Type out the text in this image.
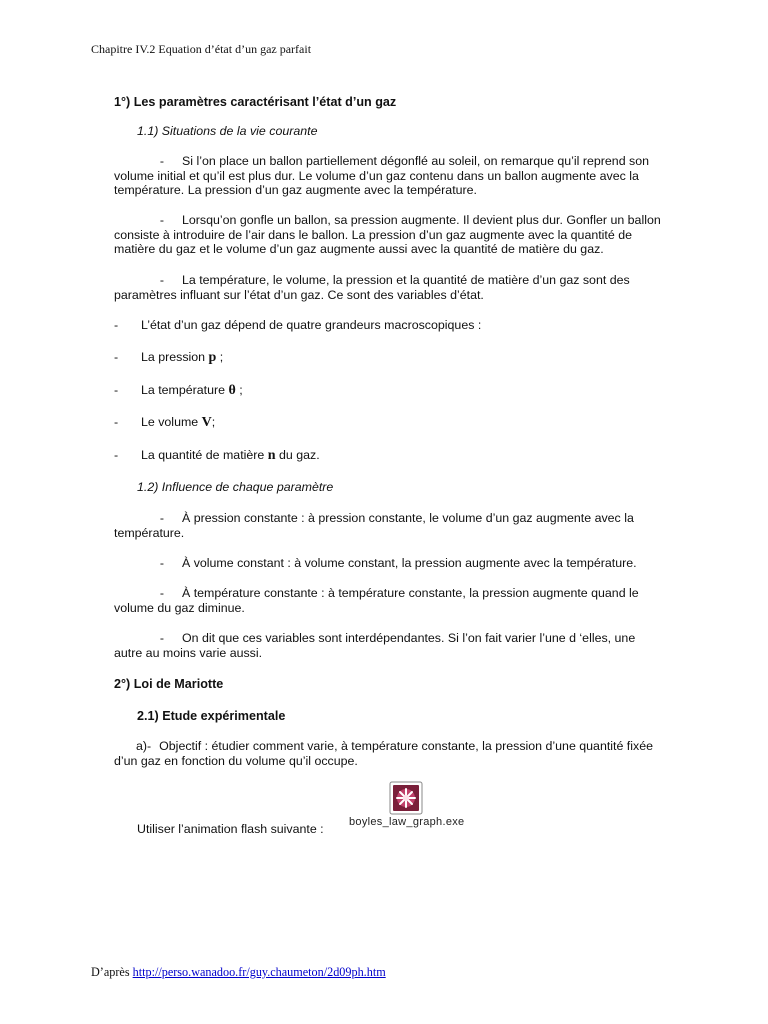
Chapitre IV.2 Equation d’état d’un gaz parfait
1°) Les paramètres caractérisant l’état d’un gaz
1.1) Situations de la vie courante
- Si l’on place un ballon partiellement dégonflé au soleil, on remarque qu’il reprend son volume initial et qu’il est plus dur. Le volume d’un gaz contenu dans un ballon augmente avec la température. La pression d’un gaz augmente avec la température.
- Lorsqu’on gonfle un ballon, sa pression augmente. Il devient plus dur. Gonfler un ballon consiste à introduire de l’air dans le ballon. La pression d’un gaz augmente avec la quantité de matière du gaz et le volume d’un gaz augmente aussi avec la quantité de matière du gaz.
- La température, le volume, la pression et la quantité de matière d’un gaz sont des paramètres influant sur l’état d’un gaz. Ce sont des variables d’état.
- L’état d’un gaz dépend de quatre grandeurs macroscopiques :
- La pression p ;
- La température θ ;
- Le volume V;
- La quantité de matière n du gaz.
1.2) Influence de chaque paramètre
- À pression constante : à pression constante, le volume d’un gaz augmente avec la température.
- À volume constant : à volume constant, la pression augmente avec la température.
- À température constante : à température constante, la pression augmente quand le volume du gaz diminue.
- On dit que ces variables sont interdépendantes. Si l’on fait varier l’une d ‘elles, une autre au moins varie aussi.
2°) Loi de Mariotte
2.1) Etude expérimentale
a)- Objectif : étudier comment varie, à température constante, la pression d’une quantité fixée d’un gaz en fonction du volume qu’il occupe.
Utiliser l’animation flash suivante :	boyles_law_graph.exe
D’après http://perso.wanadoo.fr/guy.chaumeton/2d09ph.htm
